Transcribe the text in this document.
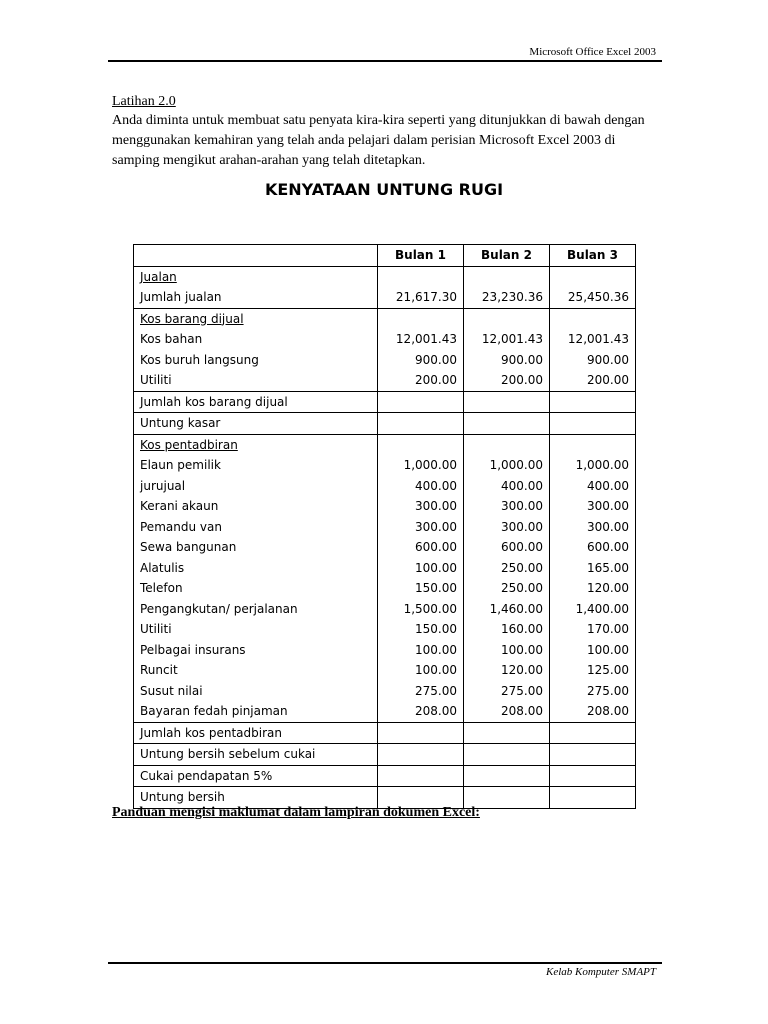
Microsoft Office Excel 2003
Latihan 2.0
Anda diminta untuk membuat satu penyata kira-kira seperti yang ditunjukkan di bawah dengan menggunakan kemahiran yang telah anda pelajari dalam perisian Microsoft Excel 2003 di samping mengikut arahan-arahan yang telah ditetapkan.
KENYATAAN UNTUNG RUGI
	Bulan 1	Bulan 2	Bulan 3
Jualan			
Jumlah jualan	21,617.30	23,230.36	25,450.36
Kos barang dijual			
Kos bahan	12,001.43	12,001.43	12,001.43
Kos buruh langsung	900.00	900.00	900.00
Utiliti	200.00	200.00	200.00
Jumlah kos barang dijual			
Untung kasar			
Kos pentadbiran			
Elaun pemilik	1,000.00	1,000.00	1,000.00
jurujual	400.00	400.00	400.00
Kerani akaun	300.00	300.00	300.00
Pemandu van	300.00	300.00	300.00
Sewa bangunan	600.00	600.00	600.00
Alatulis	100.00	250.00	165.00
Telefon	150.00	250.00	120.00
Pengangkutan/ perjalanan	1,500.00	1,460.00	1,400.00
Utiliti	150.00	160.00	170.00
Pelbagai insurans	100.00	100.00	100.00
Runcit	100.00	120.00	125.00
Susut nilai	275.00	275.00	275.00
Bayaran fedah pinjaman	208.00	208.00	208.00
Jumlah kos pentadbiran			
Untung bersih sebelum cukai			
Cukai pendapatan 5%			
Untung bersih			
Panduan mengisi maklumat dalam lampiran dokumen Excel:
Kelab Komputer SMAPT
